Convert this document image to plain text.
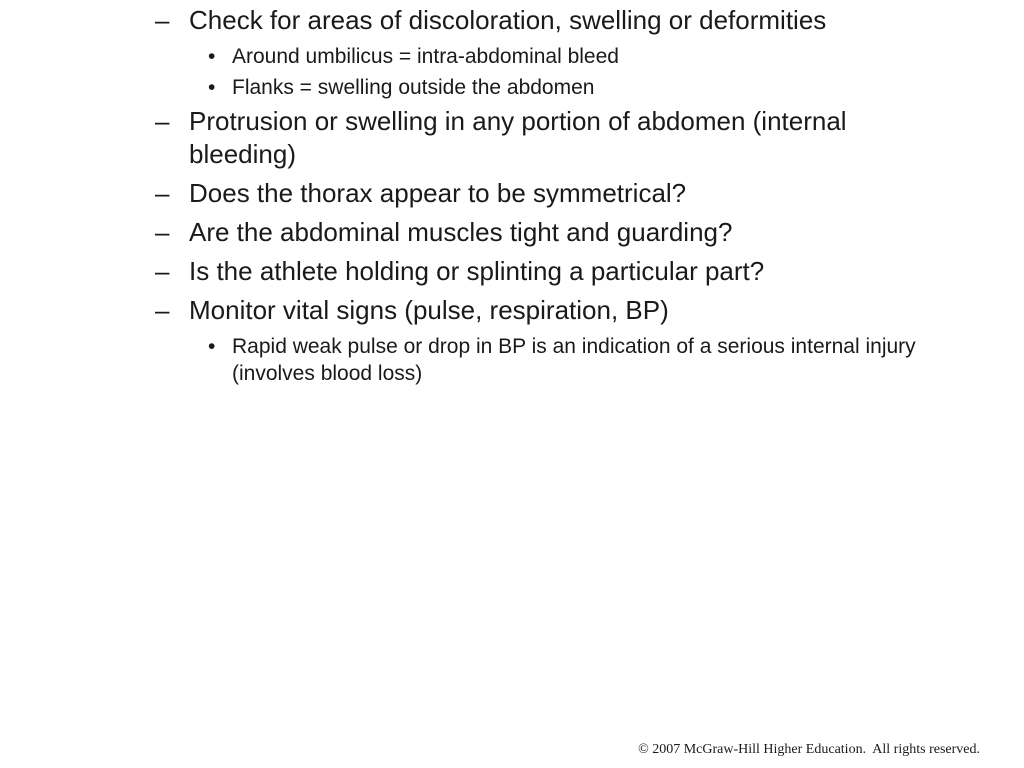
– Check for areas of discoloration, swelling or deformities
• Around umbilicus = intra-abdominal bleed
• Flanks = swelling outside the abdomen
– Protrusion or swelling in any portion of abdomen (internal bleeding)
– Does the thorax appear to be symmetrical?
– Are the abdominal muscles tight and guarding?
– Is the athlete holding or splinting a particular part?
– Monitor vital signs (pulse, respiration, BP)
• Rapid weak pulse or drop in BP is an indication of a serious internal injury (involves blood loss)
© 2007 McGraw-Hill Higher Education.  All rights reserved.
